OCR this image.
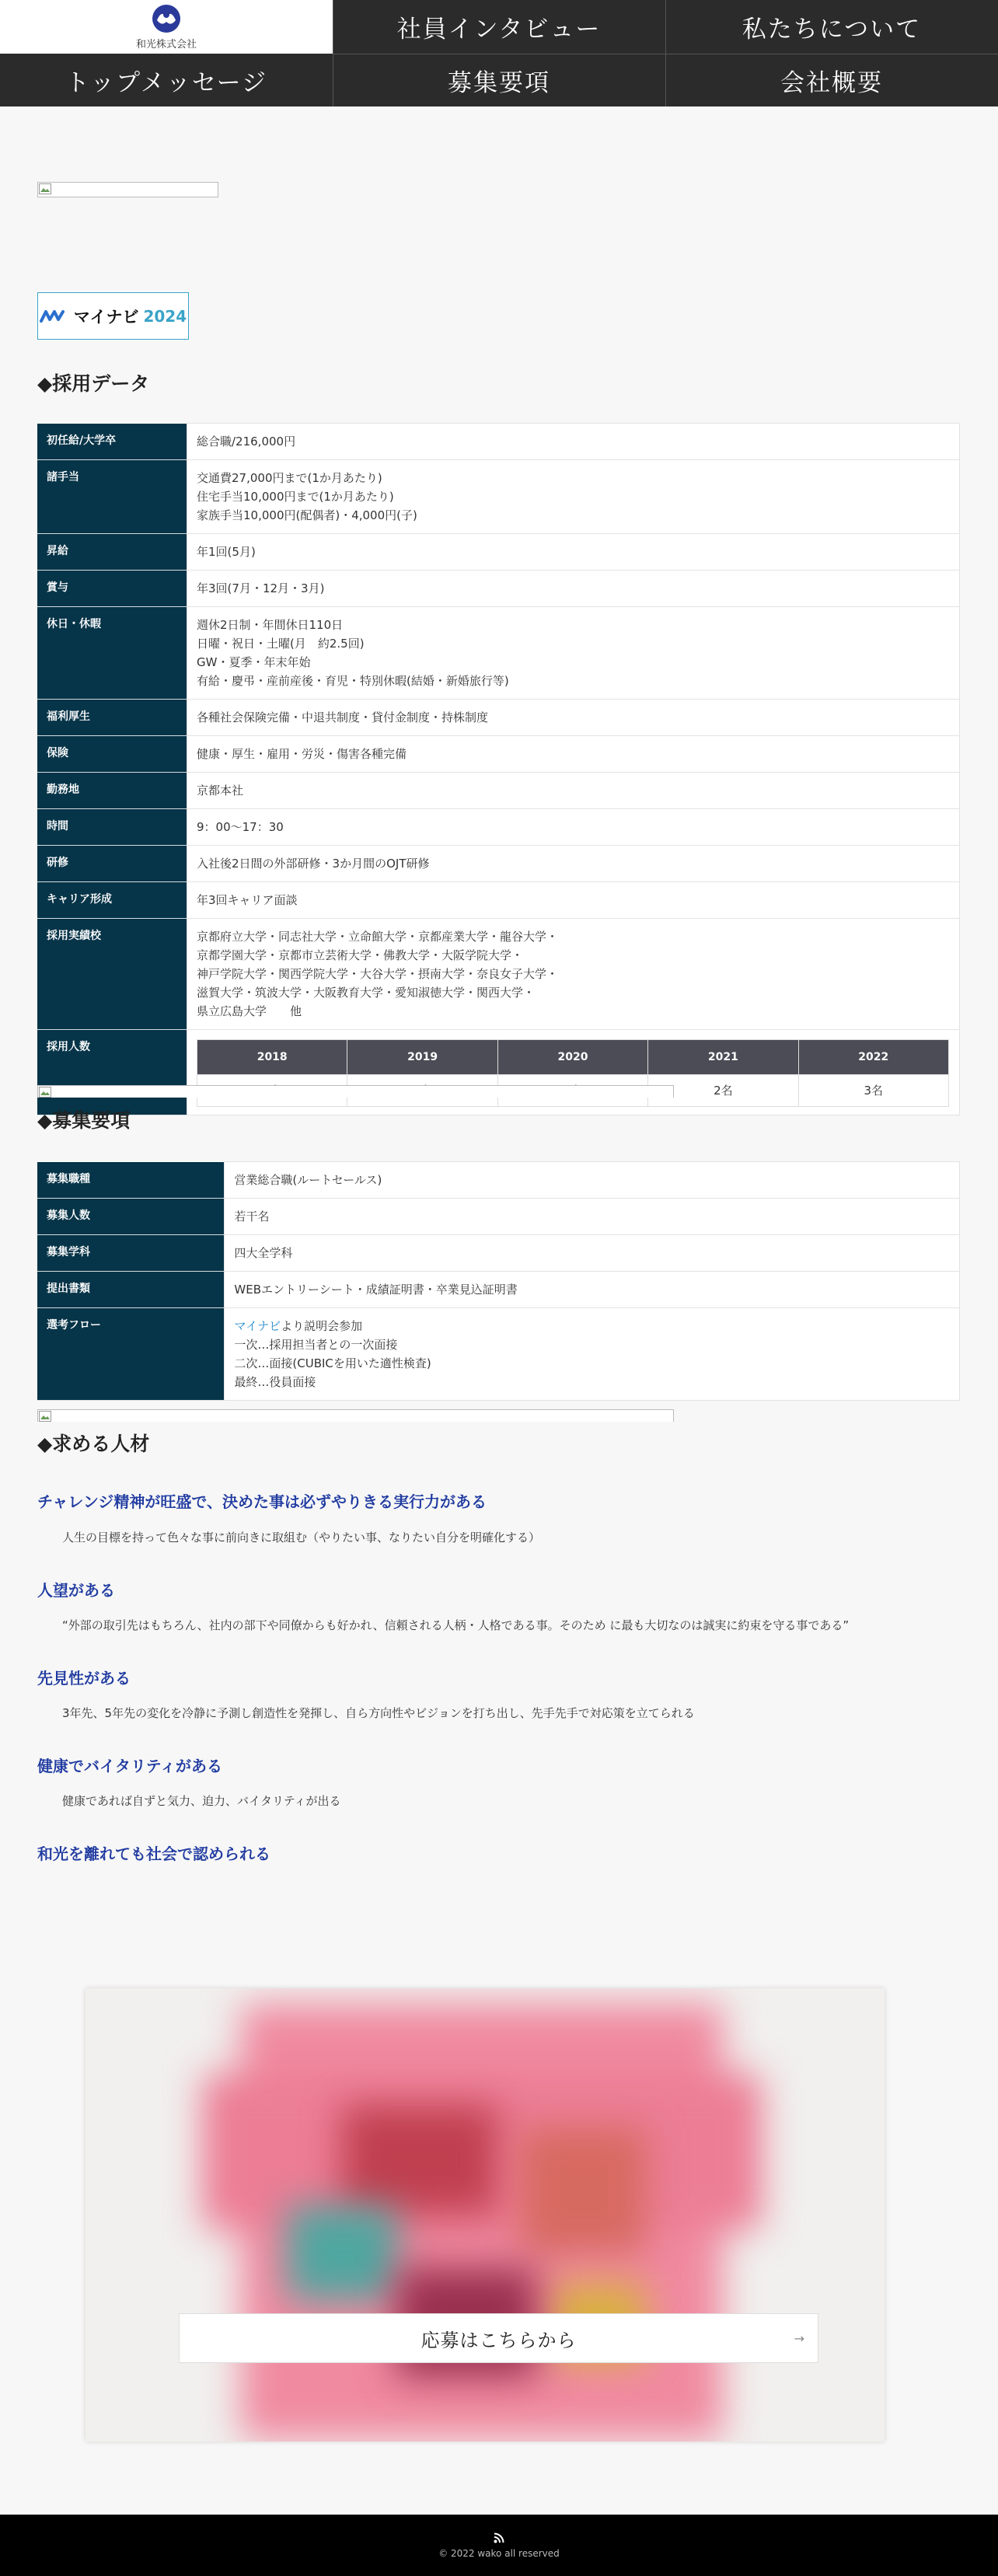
和光株式会社
社員インタビュー	私たちについて
トップメッセージ	募集要項	会社概要
マイナビ 2024
◆採用データ
初任給/大学卒	総合職/216,000円

諸手当	交通費27,000円まで(1か月あたり)
住宅手当10,000円まで(1か月あたり)
家族手当10,000円(配偶者)・4,000円(子)

昇給	年1回(5月)

賞与	年3回(7月・12月・3月)

休日・休暇	週休2日制・年間休日110日
日曜・祝日・土曜(月　約2.5回)
GW・夏季・年末年始
有給・慶弔・産前産後・育児・特別休暇(結婚・新婚旅行等)

福利厚生	各種社会保険完備・中退共制度・貸付金制度・持株制度

保険	健康・厚生・雇用・労災・傷害各種完備

勤務地	京都本社

時間	9：00〜17：30

研修	入社後2日間の外部研修・3か月間のOJT研修

キャリア形成	年3回キャリア面談

採用実績校	京都府立大学・同志社大学・立命館大学・京都産業大学・龍谷大学・
京都学園大学・京都市立芸術大学・佛教大学・大阪学院大学・
神戸学院大学・関西学院大学・大谷大学・摂南大学・奈良女子大学・
滋賀大学・筑波大学・大阪教育大学・愛知淑徳大学・関西大学・
県立広島大学　　他

採用人数	
2018	2019	2020	2021	2022
			2名	3名
◆募集要項
募集職種	営業総合職(ルートセールス)
募集人数	若干名
募集学科	四大全学科
提出書類	WEBエントリーシート・成績証明書・卒業見込証明書
選考フロー	マイナビより説明会参加
一次…採用担当者との一次面接
二次…面接(CUBICを用いた適性検査)
最終…役員面接
◆求める人材
チャレンジ精神が旺盛で、決めた事は必ずやりきる実行力がある
人生の目標を持って色々な事に前向きに取組む（やりたい事、なりたい自分を明確化する）
人望がある
“外部の取引先はもちろん、社内の部下や同僚からも好かれ、信頼される人柄・人格である事。そのため に最も大切なのは誠実に約束を守る事である”
先見性がある
3年先、5年先の変化を冷静に予測し創造性を発揮し、自ら方向性やビジョンを打ち出し、先手先手で対応策を立てられる
健康でバイタリティがある
健康であれば自ずと気力、迫力、バイタリティが出る
和光を離れても社会で認められる
応募はこちらから	→
© 2022 wako all reserved
